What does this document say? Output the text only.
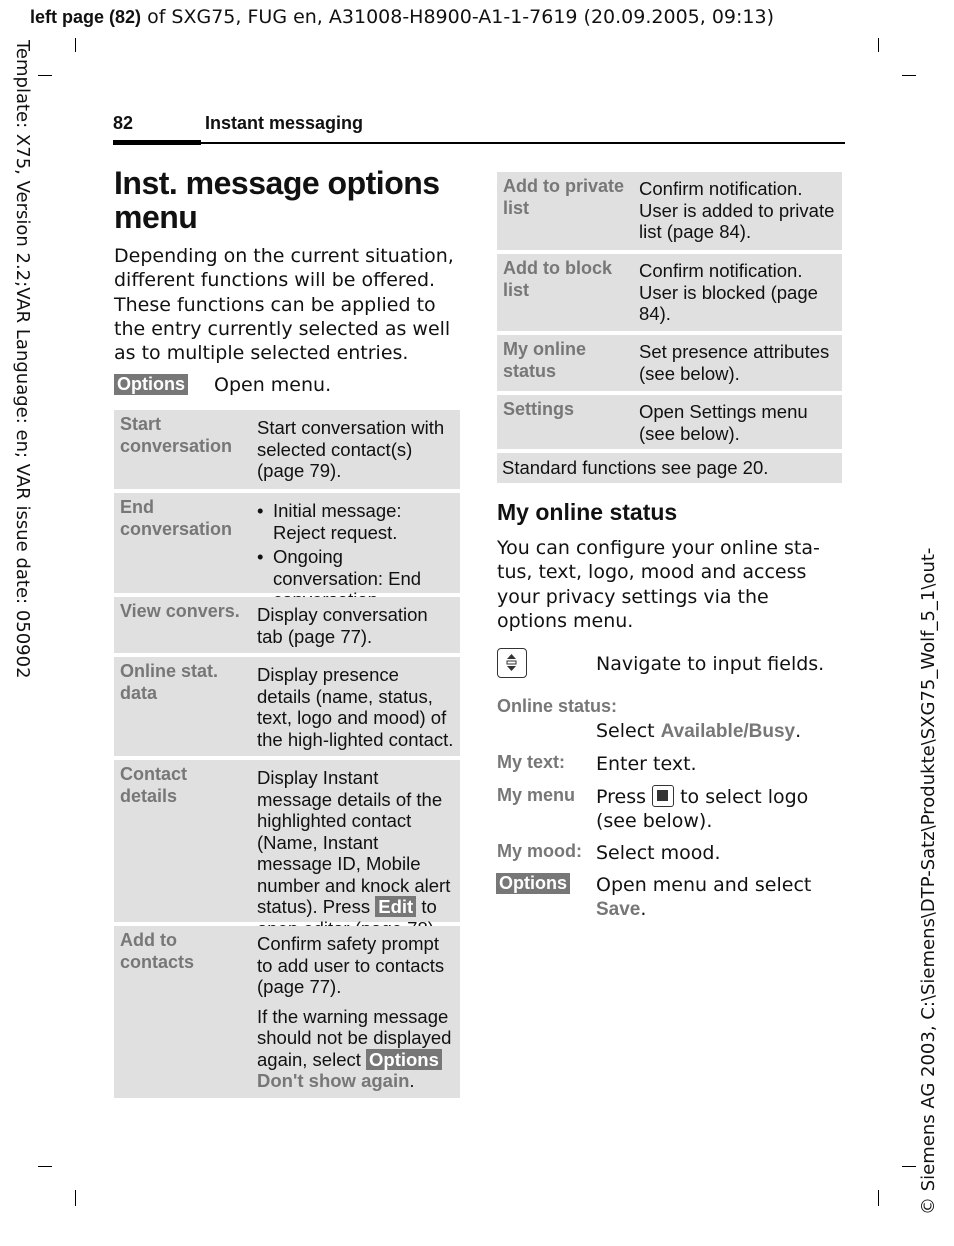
left page (82) of SXG75, FUG en, A31008-H8900-A1-1-7619 (20.09.2005, 09:13)
Template: X75, Version 2.2;VAR Language: en; VAR issue date: 050902
© Siemens AG 2003, C:\Siemens\DTP-Satz\Produkte\SXG75_Wolf_5_1\out-
82	Instant messaging
Inst. message options menu
Depending on the current situation, different functions will be offered. These functions can be applied to the entry currently selected as well as to multiple selected entries.
Options Open menu.
Start conversation
Start conversation with selected contact(s) (page 79).
End conversation
• Initial message: Reject request.
• Ongoing conversation: End
View convers. Display conversation tab (page 77).
Online stat. data
Display presence details (name, status, text, logo and mood) of the high-lighted contact.
Contact details
Display Instant message details of the highlighted contact (Name, Instant message ID, Mobile number and knock alert status). Press Edit to
Add to contacts
Confirm safety prompt to add user to contacts (page 77).
If the warning message should not be displayed again, select Options
Don't show again.
Add to private list
Confirm notification. User is added to private list (page 84).
Add to block list
Confirm notification. User is blocked (page 84).
My online status
Set presence attributes (see below).
Settings	Open Settings menu (see below).
Standard functions see page 20.
My online status
You can configure your online sta-tus, text, logo, mood and access your privacy settings via the options menu.
Navigate to input fields.
Online status:
Select Available/Busy.
My text: Enter text.
My menu Press  to select logo (see below).
My mood: Select mood.
Options Open menu and select
Save.
